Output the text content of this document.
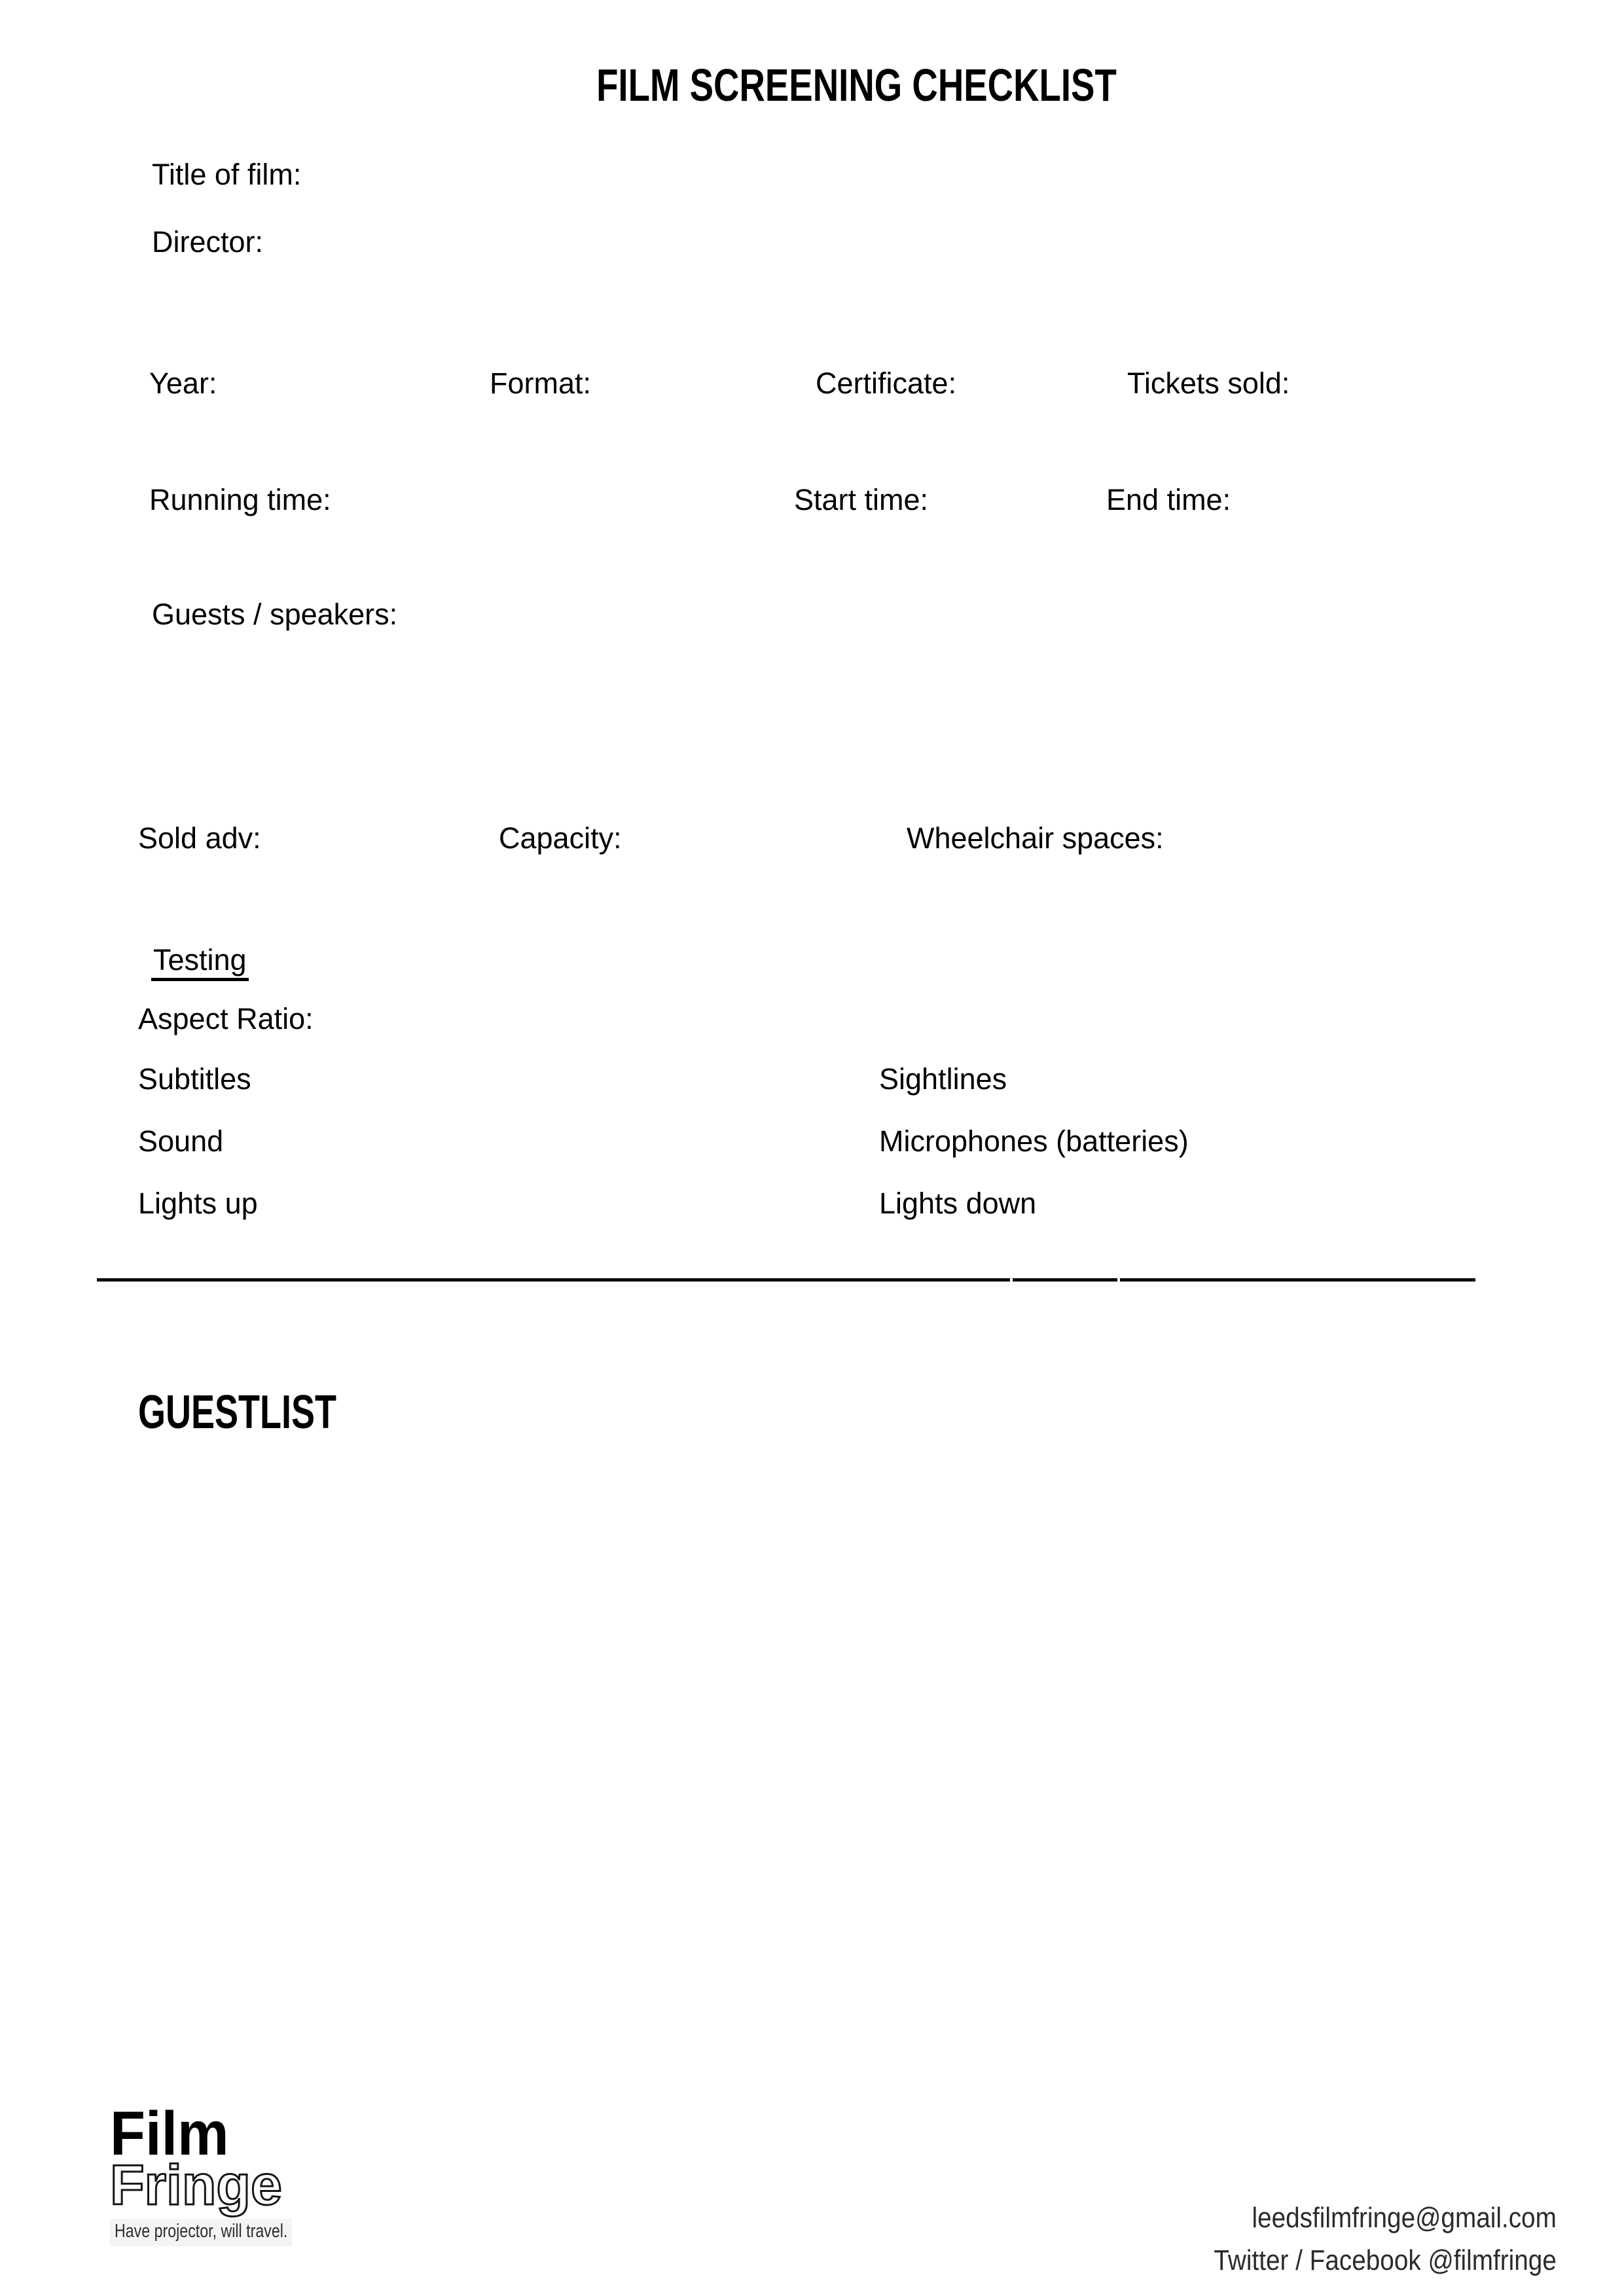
FILM SCREENING CHECKLIST
Title of film:
Director:
Year:	Format:	Certificate:	Tickets sold:
Running time:	Start time:	End time:
Guests / speakers:
Sold adv:	Capacity:	Wheelchair spaces:
Testing
Aspect Ratio:
Subtitles	Sightlines
Sound	Microphones (batteries)
Lights up	Lights down
GUESTLIST
Film
Fringe
Have projector, will travel.	leedsfilmfringe@gmail.com
Twitter / Facebook @filmfringe
